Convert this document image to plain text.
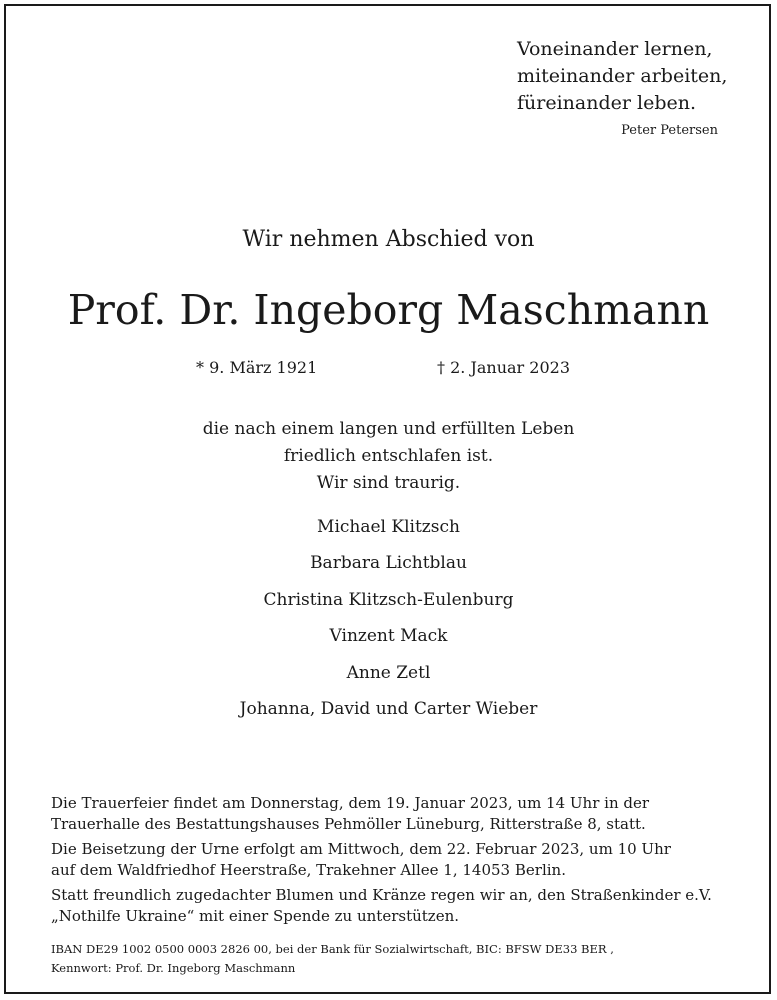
Voneinander lernen,
miteinander arbeiten,
füreinander leben.
Peter Petersen
Wir nehmen Abschied von
Prof. Dr. Ingeborg Maschmann
* 9. März 1921	† 2. Januar 2023
die nach einem langen und erfüllten Leben
friedlich entschlafen ist.
Wir sind traurig.
Michael Klitzsch
Barbara Lichtblau
Christina Klitzsch-Eulenburg
Vinzent Mack
Anne Zetl
Johanna, David und Carter Wieber

Die Trauerfeier findet am Donnerstag, dem 19. Januar 2023, um 14 Uhr in der
Trauerhalle des Bestattungshauses Pehmöller Lüneburg, Ritterstraße 8, statt.

Die Beisetzung der Urne erfolgt am Mittwoch, dem 22. Februar 2023, um 10 Uhr
auf dem Waldfriedhof Heerstraße, Trakehner Allee 1, 14053 Berlin.

Statt freundlich zugedachter Blumen und Kränze regen wir an, den Straßenkinder e.V.
„Nothilfe Ukraine“ mit einer Spende zu unterstützen.

IBAN DE29 1002 0500 0003 2826 00, bei der Bank für Sozialwirtschaft, BIC: BFSW DE33 BER ,
Kennwort: Prof. Dr. Ingeborg Maschmann
